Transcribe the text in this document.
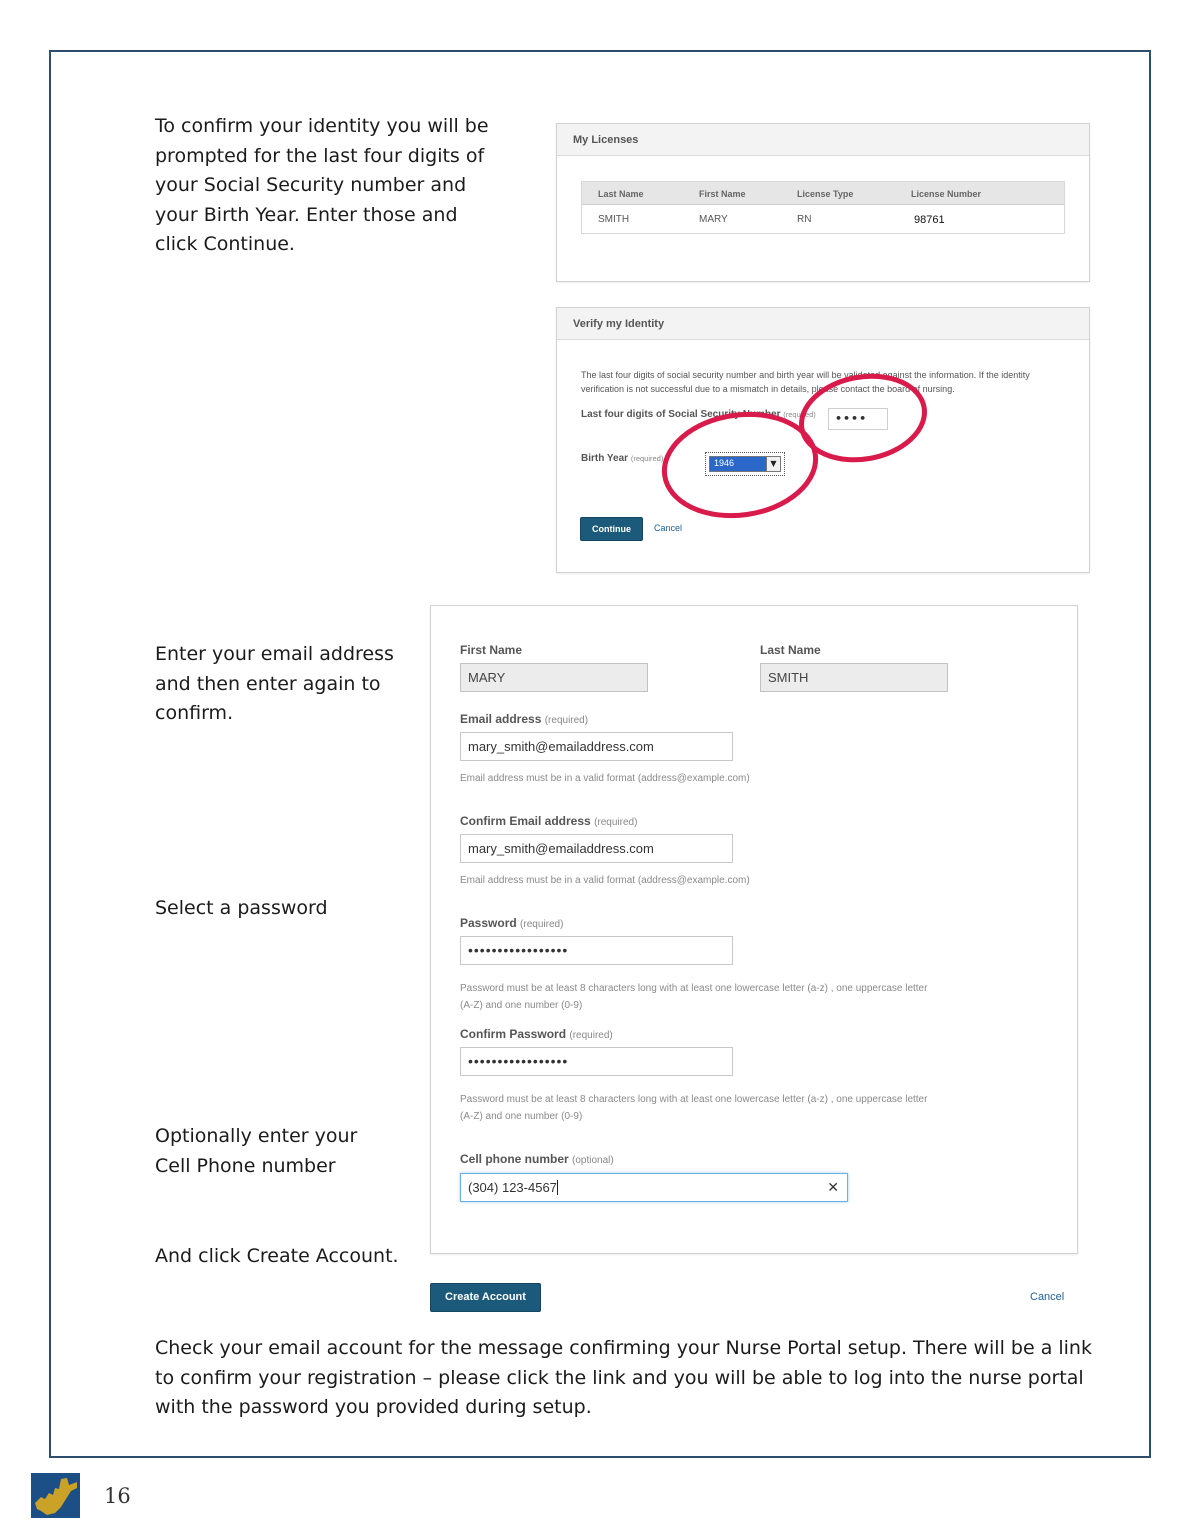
To confirm your identity you will be
prompted for the last four digits of
your Social Security number and
your Birth Year. Enter those and
click Continue.
My Licenses
Last Name	First Name	License Type	License Number
SMITH	MARY	RN	98761
Verify my Identity
The last four digits of social security number and birth year will be validated against the information. If the identity verification is not successful due to a mismatch in details, please contact the board of nursing.
Last four digits of Social Security Number (required)	••••
Birth Year (required)	1946	▼
Continue	Cancel
Enter your email address
and then enter again to
confirm.
Select a password
Optionally enter your
Cell Phone number
And click Create Account.
First Name
MARY
Last Name
SMITH
Email address (required)
mary_smith@emailaddress.com
Email address must be in a valid format (address@example.com)
Confirm Email address (required)
mary_smith@emailaddress.com
Email address must be in a valid format (address@example.com)
Password (required)
•••••••••••••••••
Password must be at least 8 characters long with at least one lowercase letter (a-z) , one uppercase letter (A-Z) and one number (0-9)
Confirm Password (required)
•••••••••••••••••
Password must be at least 8 characters long with at least one lowercase letter (a-z) , one uppercase letter (A-Z) and one number (0-9)
Cell phone number (optional)
(304) 123-4567	✕
Create Account	Cancel
Check your email account for the message confirming your Nurse Portal setup. There will be a link to confirm your registration – please click the link and you will be able to log into the nurse portal with the password you provided during setup.
16
